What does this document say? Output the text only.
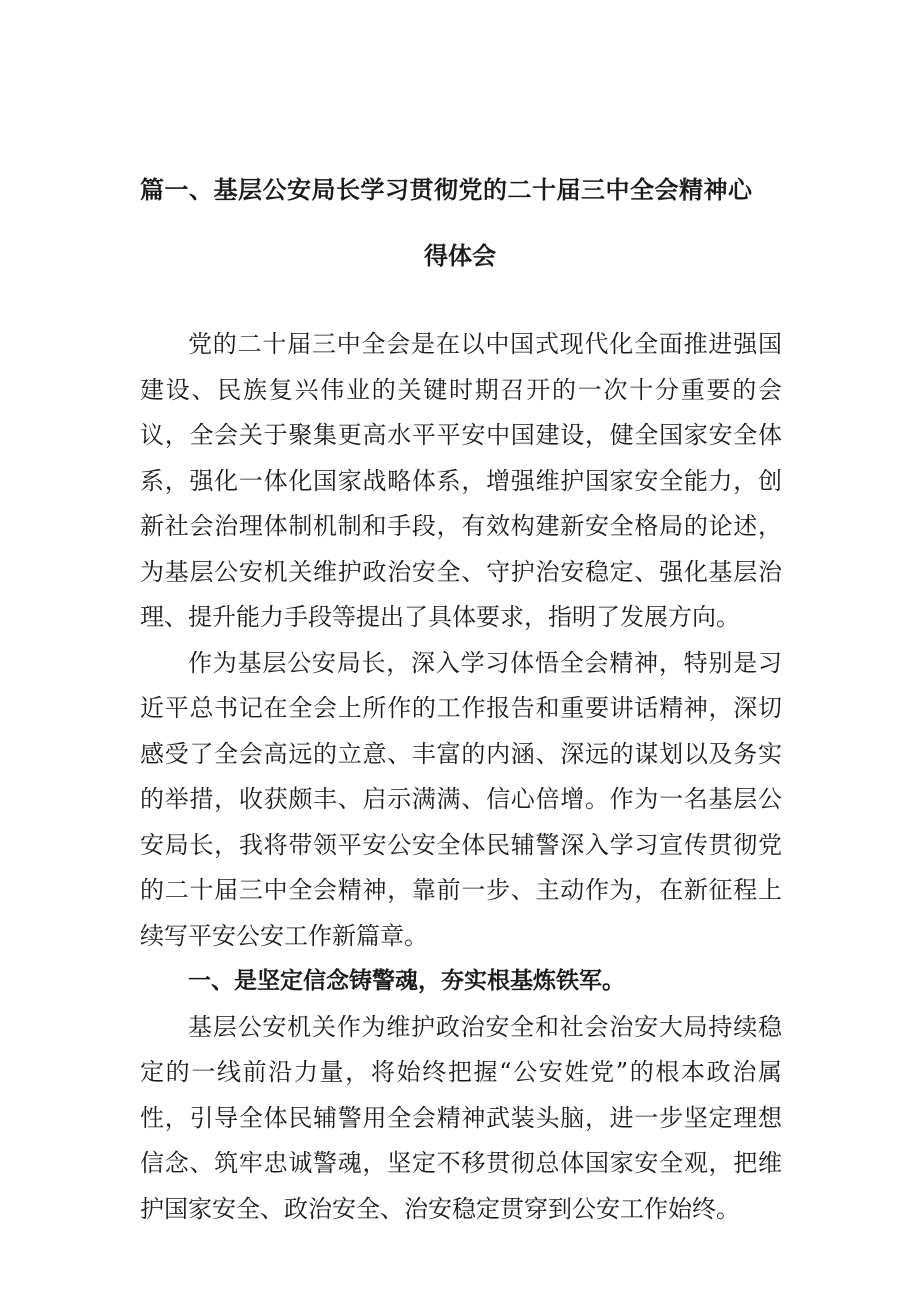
篇一、基层公安局长学习贯彻党的二十届三中全会精神心
得体会

党的二十届三中全会是在以中国式现代化全面推进强国建设、民族复兴伟业的关键时期召开的一次十分重要的会议，全会关于聚集更高水平平安中国建设，健全国家安全体系，强化一体化国家战略体系，增强维护国家安全能力，创新社会治理体制机制和手段，有效构建新安全格局的论述，为基层公安机关维护政治安全、守护治安稳定、强化基层治理、提升能力手段等提出了具体要求，指明了发展方向。

作为基层公安局长，深入学习体悟全会精神，特别是习近平总书记在全会上所作的工作报告和重要讲话精神，深切感受了全会高远的立意、丰富的内涵、深远的谋划以及务实的举措，收获颇丰、启示满满、信心倍增。作为一名基层公安局长，我将带领平安公安全体民辅警深入学习宣传贯彻党的二十届三中全会精神，靠前一步、主动作为，在新征程上续写平安公安工作新篇章。

一、是坚定信念铸警魂，夯实根基炼铁军。

基层公安机关作为维护政治安全和社会治安大局持续稳定的一线前沿力量，将始终把握“公安姓党”的根本政治属性，引导全体民辅警用全会精神武装头脑，进一步坚定理想信念、筑牢忠诚警魂，坚定不移贯彻总体国家安全观，把维护国家安全、政治安全、治安稳定贯穿到公安工作始终。
